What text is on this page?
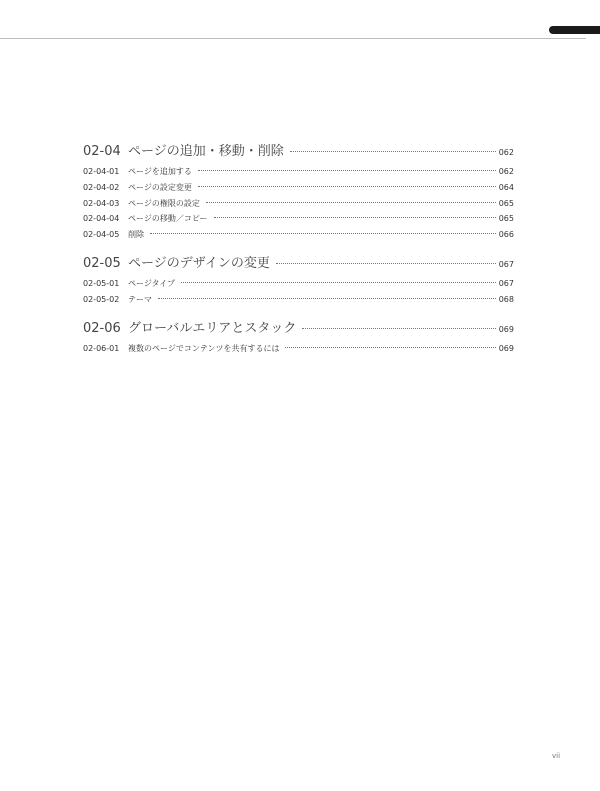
02-04 ページの追加・移動・削除	062
02-04-01	ページを追加する	062
02-04-02	ページの設定変更	064
02-04-03	ページの権限の設定	065
02-04-04	ページの移動／コピー	065
02-04-05	削除	066
02-05 ページのデザインの変更	067
02-05-01	ページタイプ	067
02-05-02	テーマ	068
02-06 グローバルエリアとスタック	069
02-06-01	複数のページでコンテンツを共有するには	069
vii
